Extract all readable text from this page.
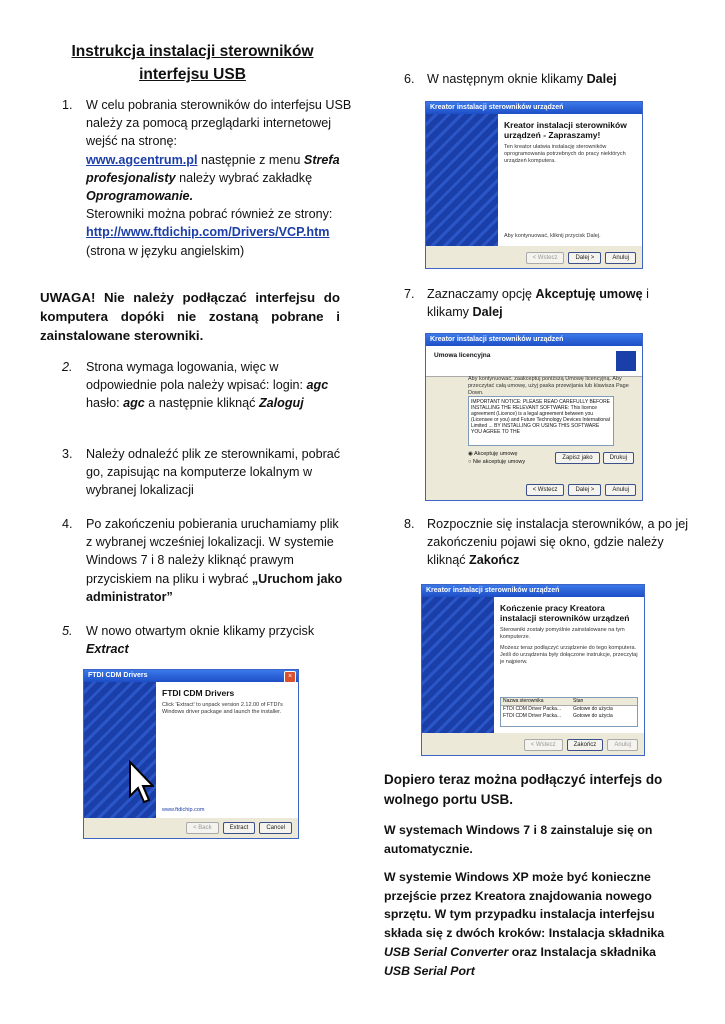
Instrukcja instalacji sterowników
interfejsu USB
1.	W celu pobrania sterowników do interfejsu USB należy za pomocą przeglądarki internetowej wejść na stronę:
www.agcentrum.pl następnie z menu Strefa profesjonalisty należy wybrać zakładkę Oprogramowanie.
Sterowniki można pobrać również ze strony:
http://www.ftdichip.com/Drivers/VCP.htm (strona w języku angielskim)
UWAGA! Nie należy podłączać interfejsu do komputera dopóki nie zostaną pobrane i zainstalowane sterowniki.
2.	Strona wymaga logowania, więc w odpowiednie pola należy wpisać: login: agc hasło: agc a następnie kliknąć Zaloguj
3.	Należy odnaleźć plik ze sterownikami, pobrać go, zapisując na komputerze lokalnym w wybranej lokalizacji
4.	Po zakończeniu pobierania uruchamiamy plik z wybranej wcześniej lokalizacji. W systemie Windows 7 i 8 należy kliknąć prawym przyciskiem na pliku i wybrać „Uruchom jako administrator”
5.	W nowo otwartym oknie klikamy przycisk
Extract
FTDI CDM Drivers	×
FTDI CDM Drivers
Click 'Extract' to unpack version 2.12.00 of FTDI's Windows driver package and launch the installer.
www.ftdichip.com
< Back	Extract	Cancel
6. W następnym oknie klikamy Dalej
Kreator instalacji sterowników urządzeń
Kreator instalacji sterowników urządzeń - Zapraszamy!
Ten kreator ułatwia instalację sterowników oprogramowania potrzebnych do pracy niektórych urządzeń komputera.
Aby kontynuować, kliknij przycisk Dalej.
< Wstecz	Dalej >	Anuluj
7. Zaznaczamy opcję Akceptuję umowę i klikamy Dalej
Kreator instalacji sterowników urządzeń
Umowa licencyjna
Aby kontynuować, zaakceptuj poniższą Umowę licencyjną. Aby przeczytać całą umowę, użyj paska przewijania lub klawisza Page Down.
IMPORTANT NOTICE: PLEASE READ CAREFULLY BEFORE INSTALLING THE RELEVANT SOFTWARE: This licence agreement (Licence) is a legal agreement between you (Licensee or you) and Future Technology Devices International Limited ... BY INSTALLING OR USING THIS SOFTWARE YOU AGREE TO THE
◉ Akceptuję umowę
○ Nie akceptuję umowy
Zapisz jako	Drukuj
< Wstecz	Dalej >	Anuluj
8. Rozpocznie się instalacja sterowników, a po jej zakończeniu pojawi się okno, gdzie należy kliknąć Zakończ
Kreator instalacji sterowników urządzeń
Kończenie pracy Kreatora instalacji sterowników urządzeń
Sterowniki zostały pomyślnie zainstalowane na tym komputerze.
Możesz teraz podłączyć urządzenie do tego komputera. Jeśli do urządzenia były dołączone instrukcje, przeczytaj je najpierw.
Nazwa sterownika	Stan
FTDI CDM Driver Packa...	Gotowe do użycia
FTDI CDM Driver Packa...	Gotowe do użycia
< Wstecz	Zakończ	Anuluj
Dopiero teraz można podłączyć interfejs do wolnego portu USB.
W systemach Windows 7 i 8 zainstaluje się on automatycznie.
W systemie Windows XP może być konieczne przejście przez Kreatora znajdowania nowego sprzętu. W tym przypadku instalacja interfejsu składa się z dwóch kroków: Instalacja składnika USB Serial Converter oraz Instalacja składnika USB Serial Port
